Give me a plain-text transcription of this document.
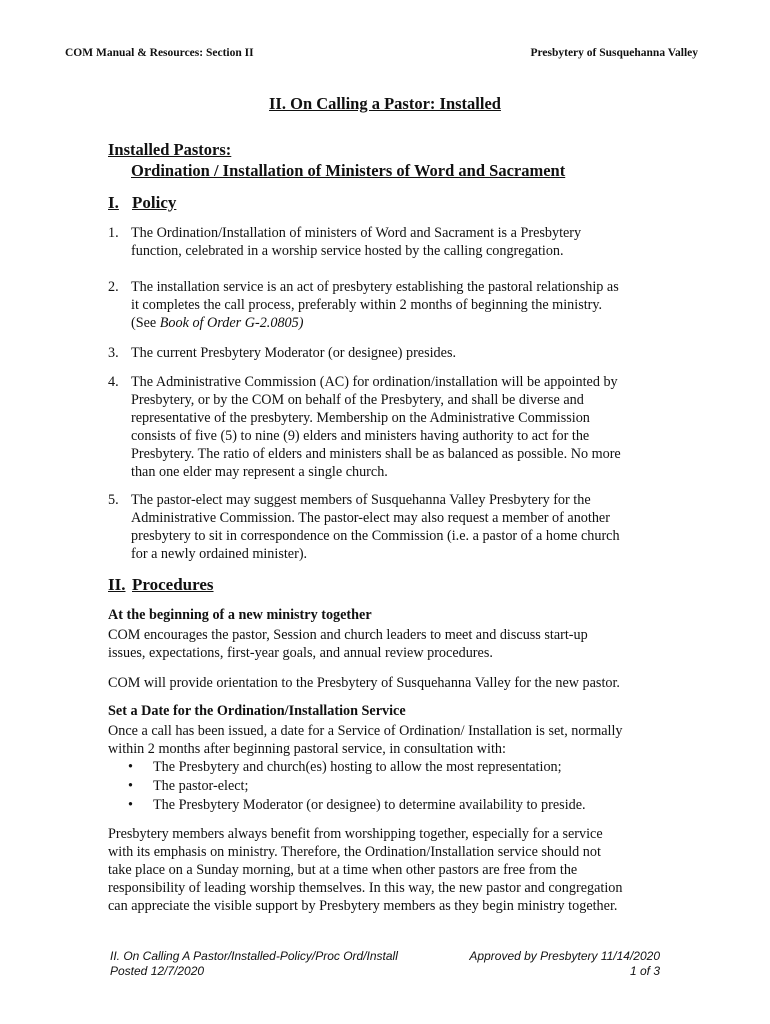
COM Manual & Resources: Section II	Presbytery of Susquehanna Valley
II. On Calling a Pastor: Installed
Installed Pastors:
Ordination / Installation of Ministers of Word and Sacrament
I. Policy
1. The Ordination/Installation of ministers of Word and Sacrament is a Presbytery
function, celebrated in a worship service hosted by the calling congregation.
2. The installation service is an act of presbytery establishing the pastoral relationship as
it completes the call process, preferably within 2 months of beginning the ministry.
(See Book of Order G-2.0805)
3. The current Presbytery Moderator (or designee) presides.
4. The Administrative Commission (AC) for ordination/installation will be appointed by
Presbytery, or by the COM on behalf of the Presbytery, and shall be diverse and
representative of the presbytery. Membership on the Administrative Commission
consists of five (5) to nine (9) elders and ministers having authority to act for the
Presbytery. The ratio of elders and ministers shall be as balanced as possible. No more
than one elder may represent a single church.
5. The pastor-elect may suggest members of Susquehanna Valley Presbytery for the
Administrative Commission. The pastor-elect may also request a member of another
presbytery to sit in correspondence on the Commission (i.e. a pastor of a home church
for a newly ordained minister).
II. Procedures
At the beginning of a new ministry together
COM encourages the pastor, Session and church leaders to meet and discuss start-up
issues, expectations, first-year goals, and annual review procedures.
COM will provide orientation to the Presbytery of Susquehanna Valley for the new pastor.
Set a Date for the Ordination/Installation Service
Once a call has been issued, a date for a Service of Ordination/ Installation is set, normally
within 2 months after beginning pastoral service, in consultation with:
• The Presbytery and church(es) hosting to allow the most representation;
• The pastor-elect;
• The Presbytery Moderator (or designee) to determine availability to preside.
Presbytery members always benefit from worshipping together, especially for a service
with its emphasis on ministry. Therefore, the Ordination/Installation service should not
take place on a Sunday morning, but at a time when other pastors are free from the
responsibility of leading worship themselves. In this way, the new pastor and congregation
can appreciate the visible support by Presbytery members as they begin ministry together.
II. On Calling A Pastor/Installed-Policy/Proc Ord/Install
Posted 12/7/2020
Approved by Presbytery 11/14/2020
1 of 3
